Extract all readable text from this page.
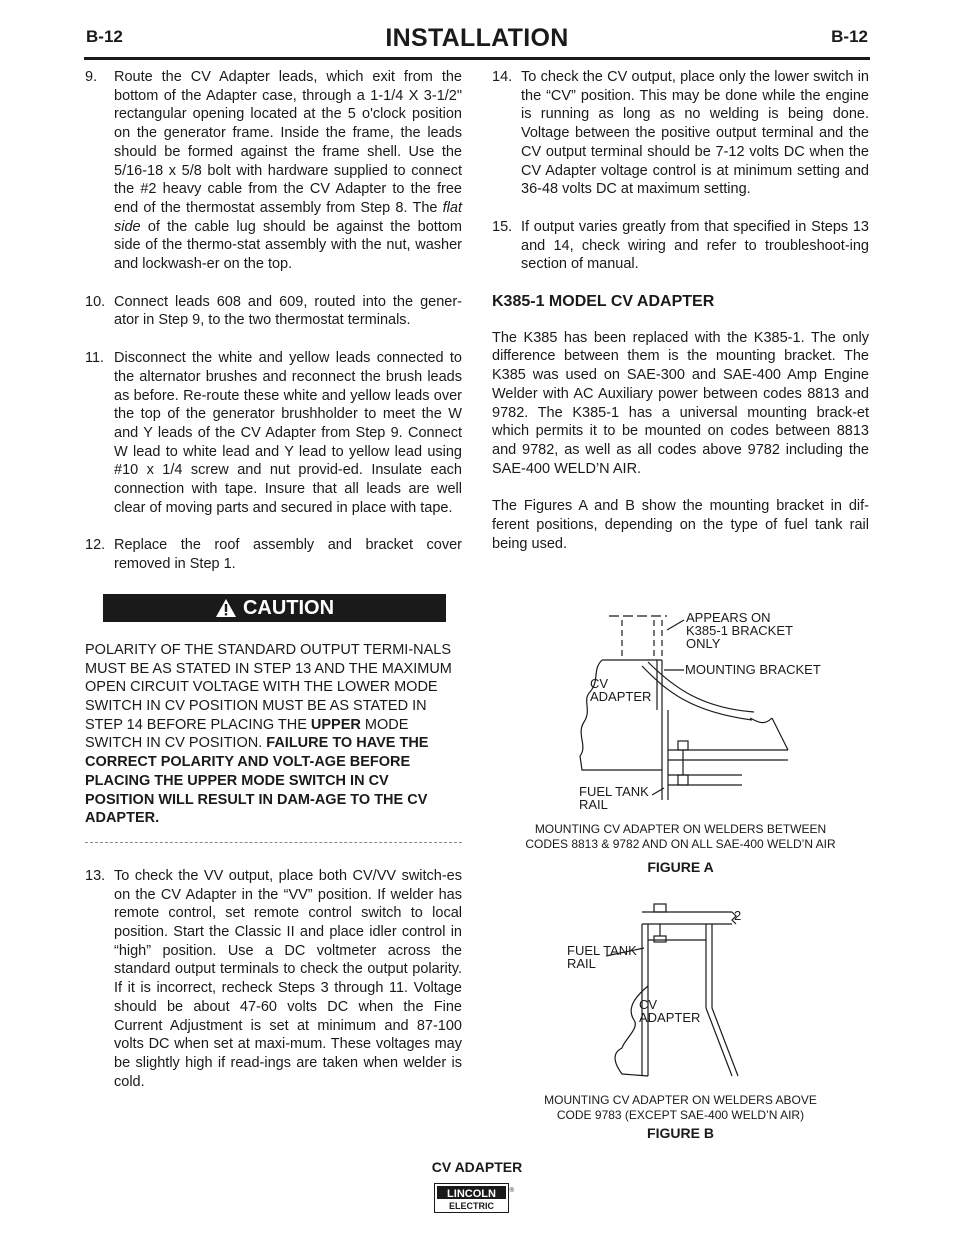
B-12	INSTALLATION	B-12
9. Route the CV Adapter leads, which exit from the bottom of the Adapter case, through a 1-1/4 X 3-1/2" rectangular opening located at the 5 o'clock position on the generator frame. Inside the frame, the leads should be formed against the frame shell. Use the 5/16-18 x 5/8 bolt with hardware supplied to connect the #2 heavy cable from the CV Adapter to the free end of the thermostat assembly from Step 8. The flat side of the cable lug should be against the bottom side of the thermo-stat assembly with the nut, washer and lockwash-er on the top.
10. Connect leads 608 and 609, routed into the gener-ator in Step 9, to the two thermostat terminals.
11. Disconnect the white and yellow leads connected to the alternator brushes and reconnect the brush leads as before. Re-route these white and yellow leads over the top of the generator brushholder to meet the W and Y leads of the CV Adapter from Step 9. Connect W lead to white lead and Y lead to yellow lead using #10 x 1/4 screw and nut provid-ed. Insulate each connection with tape. Insure that all leads are well clear of moving parts and secured in place with tape.
12. Replace the roof assembly and bracket cover removed in Step 1.
CAUTION
POLARITY OF THE STANDARD OUTPUT TERMI-NALS MUST BE AS STATED IN STEP 13 AND THE MAXIMUM OPEN CIRCUIT VOLTAGE WITH THE LOWER MODE SWITCH IN CV POSITION MUST BE AS STATED IN STEP 14 BEFORE PLACING THE UPPER MODE SWITCH IN CV POSITION. FAILURE TO HAVE THE CORRECT POLARITY AND VOLT-AGE BEFORE PLACING THE UPPER MODE SWITCH IN CV POSITION WILL RESULT IN DAM-AGE TO THE CV ADAPTER.
13. To check the VV output, place both CV/VV switch-es on the CV Adapter in the “VV” position. If welder has remote control, set remote control switch to local position. Start the Classic II and place idler control in “high” position. Use a DC voltmeter across the standard output terminals to check the output polarity. If it is incorrect, recheck Steps 3 through 11. Voltage should be about 47-60 volts DC when the Fine Current Adjustment is set at minimum and 87-100 volts DC when set at maxi-mum. These voltages may be slightly high if read-ings are taken when welder is cold.
14. To check the CV output, place only the lower switch in the “CV” position. This may be done while the engine is running as long as no welding is being done. Voltage between the positive output terminal and the CV output terminal should be 7-12 volts DC when the CV Adapter voltage control is at minimum setting and 36-48 volts DC at maximum setting.
15. If output varies greatly from that specified in Steps 13 and 14, check wiring and refer to troubleshoot-ing section of manual.
K385-1 MODEL CV ADAPTER
The K385 has been replaced with the K385-1. The only difference between them is the mounting bracket. The K385 was used on SAE-300 and SAE-400 Amp Engine Welder with AC Auxiliary power between codes 8813 and 9782. The K385-1 has a universal mounting brack-et which permits it to be mounted on codes between 8813 and 9782, as well as all codes above 9782 including the SAE-400 WELD’N AIR.
The Figures A and B show the mounting bracket in dif-ferent positions, depending on the type of fuel tank rail being used.
APPEARS ON
K385-1 BRACKET
ONLY
MOUNTING BRACKET
CV
ADAPTER
FUEL TANK
RAIL
MOUNTING CV ADAPTER ON WELDERS BETWEEN
CODES 8813 & 9782 AND ON ALL SAE-400 WELD’N AIR
FIGURE A
2
FUEL TANK
RAIL
CV
ADAPTER
MOUNTING CV ADAPTER ON WELDERS ABOVE
CODE 9783 (EXCEPT SAE-400 WELD’N AIR)
FIGURE B
CV ADAPTER
LINCOLN
ELECTRIC
®
